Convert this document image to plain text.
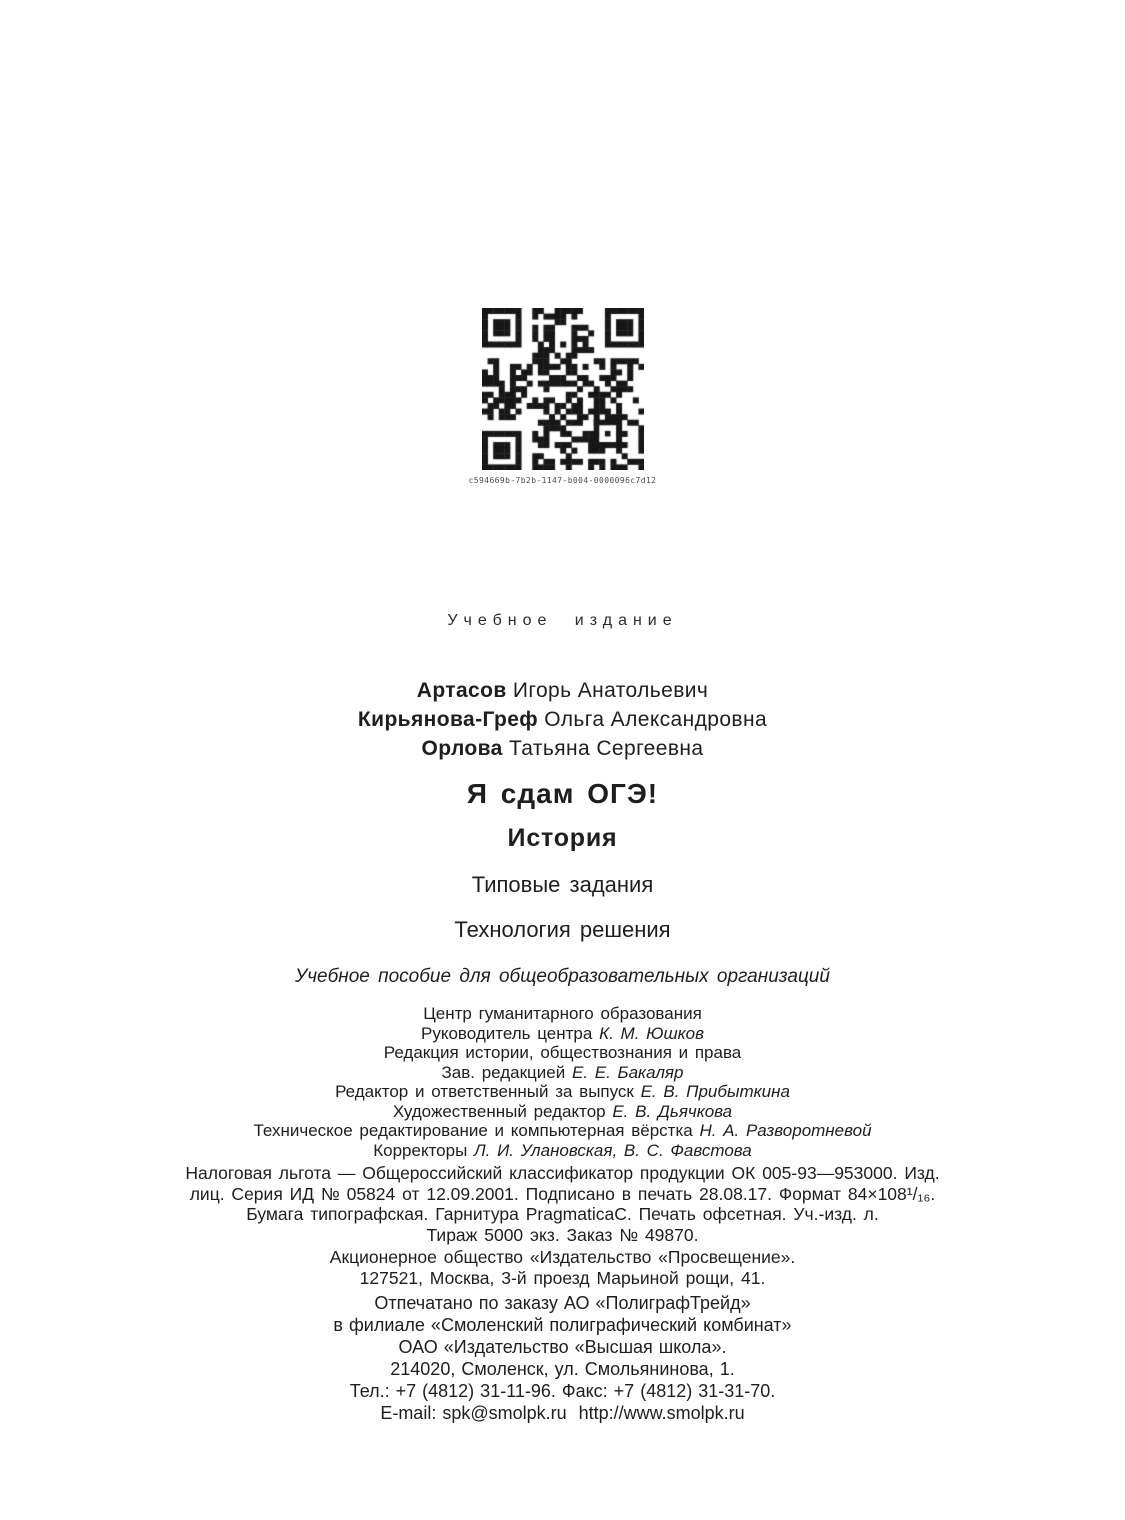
c594669b-7b2b-1147-b004-0000096c7d12
Учебное издание
Артасов Игорь Анатольевич
Кирьянова-Греф Ольга Александровна
Орлова Татьяна Сергеевна
Я сдам ОГЭ!
История
Типовые задания
Технология решения
Учебное пособие для общеобразовательных организаций
Центр гуманитарного образования
Руководитель центра К. М. Юшков
Редакция истории, обществознания и права
Зав. редакцией Е. Е. Бакаляр
Редактор и ответственный за выпуск Е. В. Прибыткина
Художественный редактор Е. В. Дьячкова
Техническое редактирование и компьютерная вёрстка Н. А. Разворотневой
Корректоры Л. И. Улановская, В. С. Фавстова
Налоговая льгота — Общероссийский классификатор продукции ОК 005-93—953000. Изд.
лиц. Серия ИД № 05824 от 12.09.2001. Подписано в печать 28.08.17. Формат 84×108¹/₁₆.
Бумага типографская. Гарнитура PragmaticaC. Печать офсетная. Уч.-изд. л.
Тираж 5000 экз. Заказ № 49870.
Акционерное общество «Издательство «Просвещение».
127521, Москва, 3-й проезд Марьиной рощи, 41.
Отпечатано по заказу АО «ПолиграфТрейд»
в филиале «Смоленский полиграфический комбинат»
ОАО «Издательство «Высшая школа».
214020, Смоленск, ул. Смольянинова, 1.
Тел.: +7 (4812) 31-11-96. Факс: +7 (4812) 31-31-70.
E-mail: spk@smolpk.ru  http://www.smolpk.ru
